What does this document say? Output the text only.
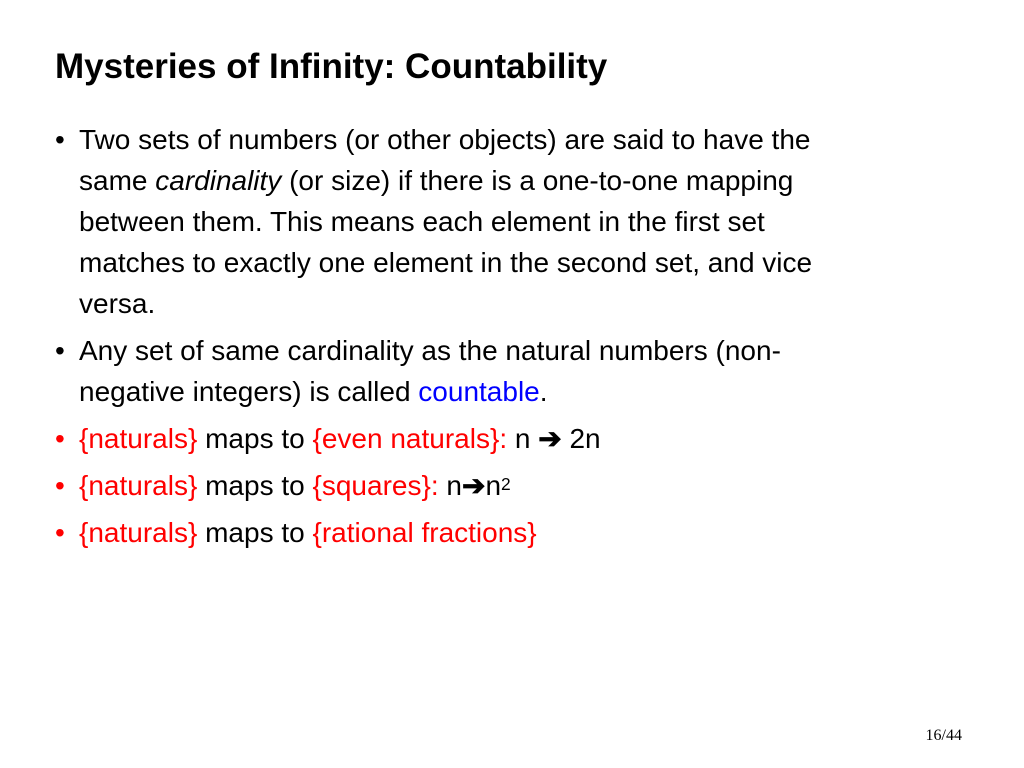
Mysteries of Infinity: Countability
• Two sets of numbers (or other objects) are said to have the
same cardinality (or size) if there is a one-to-one mapping
between them. This means each element in the first set
matches to exactly one element in the second set, and vice
versa.
• Any set of same cardinality as the natural numbers (non-
negative integers) is called countable.
• {naturals} maps to {even naturals}: n ➔ 2n
• {naturals} maps to {squares}: $n➔n^2$
• {naturals} maps to {rational fractions}
16/44
